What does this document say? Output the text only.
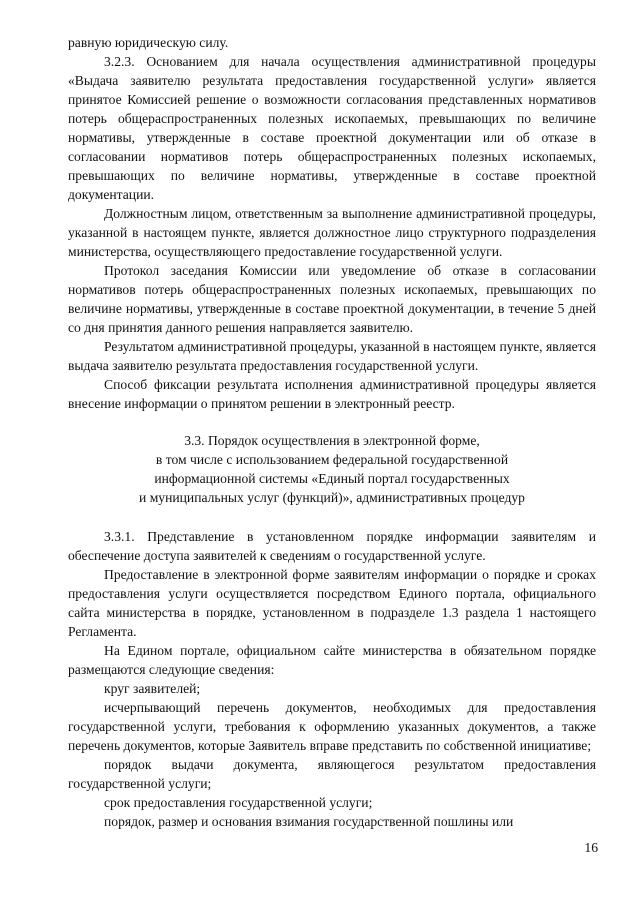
равную юридическую силу.

3.2.3. Основанием для начала осуществления административной процедуры «Выдача заявителю результата предоставления государственной услуги» является принятое Комиссией решение о возможности согласования представленных нормативов потерь общераспространенных полезных ископаемых, превышающих по величине нормативы, утвержденные в составе проектной документации или об отказе в согласовании нормативов потерь общераспространенных полезных ископаемых, превышающих по величине нормативы, утвержденные в составе проектной документации.

Должностным лицом, ответственным за выполнение административной процедуры, указанной в настоящем пункте, является должностное лицо структурного подразделения министерства, осуществляющего предоставление государственной услуги.

Протокол заседания Комиссии или уведомление об отказе в согласовании нормативов потерь общераспространенных полезных ископаемых, превышающих по величине нормативы, утвержденные в составе проектной документации, в течение 5 дней со дня принятия данного решения направляется заявителю.

Результатом административной процедуры, указанной в настоящем пункте, является выдача заявителю результата предоставления государственной услуги.

Способ фиксации результата исполнения административной процедуры является внесение информации о принятом решении в электронный реестр.

3.3. Порядок осуществления в электронной форме,
в том числе с использованием федеральной государственной
информационной системы «Единый портал государственных
и муниципальных услуг (функций)», административных процедур

3.3.1. Представление в установленном порядке информации заявителям и обеспечение доступа заявителей к сведениям о государственной услуге.

Предоставление в электронной форме заявителям информации о порядке и сроках предоставления услуги осуществляется посредством Единого портала, официального сайта министерства в порядке, установленном в подразделе 1.3 раздела 1 настоящего Регламента.

На Едином портале, официальном сайте министерства в обязательном порядке размещаются следующие сведения:

круг заявителей;

исчерпывающий перечень документов, необходимых для предоставления государственной услуги, требования к оформлению указанных документов, а также перечень документов, которые Заявитель вправе представить по собственной инициативе;

порядок выдачи документа, являющегося результатом предоставления государственной услуги;

срок предоставления государственной услуги;

порядок, размер и основания взимания государственной пошлины или

16
